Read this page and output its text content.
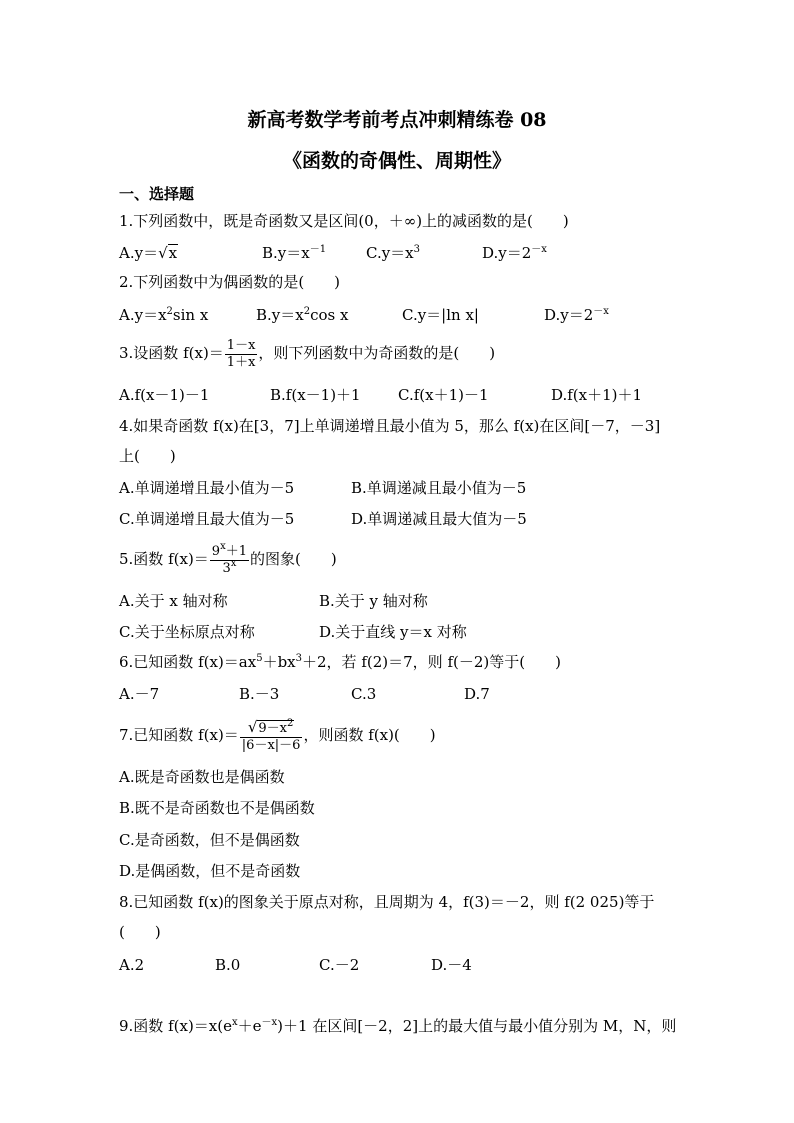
新高考数学考前考点冲刺精练卷 08
《函数的奇偶性、周期性》
一、选择题
1.下列函数中，既是奇函数又是区间(0，＋∞)上的减函数的是(　　)
A.y＝√x	$B.y=x^{-1}$	$C.y=x^3$	$D.y=2^{-x}$
2.下列函数中为偶函数的是(　　)
$A.y=x^2\sin$ x	$B.y=x^2\cos$ x	C.y＝|ln x|	$D.y=2^{-x}$
3.设函数 $f(x)= \frac{1-x}{1+x}$ ，则下列函数中为奇函数的是(　　)
A.f(x－1)－1	B.f(x－1)＋1 C.f(x＋1)－1	D.f(x＋1)＋1
4.如果奇函数 f(x)在[3，7]上单调递增且最小值为 5，那么 f(x)在区间[－7，－3]
上(　　)
A.单调递增且最小值为－5	B.单调递减且最小值为－5
C.单调递增且最大值为－5	D.单调递减且最大值为－5
5.函数 $f(x)= \frac{9^x+1}{3^x}$ 的图象(　　)
A.关于 x 轴对称	B.关于 y 轴对称
C.关于坐标原点对称	D.关于直线 y＝x 对称
6.已知函数 $f(x)=ax^5+bx^3+2$，若 f(2)＝7，则 f(－2)等于(　　)
A.－7	B.－3	C.3	D.7
7.已知函数 $f(x)= \frac{√9-x^2}{|6-x|-6}$ ，则函数 f(x)(　　)
A.既是奇函数也是偶函数
B.既不是奇函数也不是偶函数
C.是奇函数，但不是偶函数
D.是偶函数，但不是奇函数
8.已知函数 f(x)的图象关于原点对称，且周期为 4，f(3)＝－2，则 f(2 025)等于
(　　)
A.2	B.0	C.－2	D.－4
9.函数 $f(x)=x(e^x+e^{-x})+1$ 在区间[－2，2]上的最大值与最小值分别为 M，N，则
